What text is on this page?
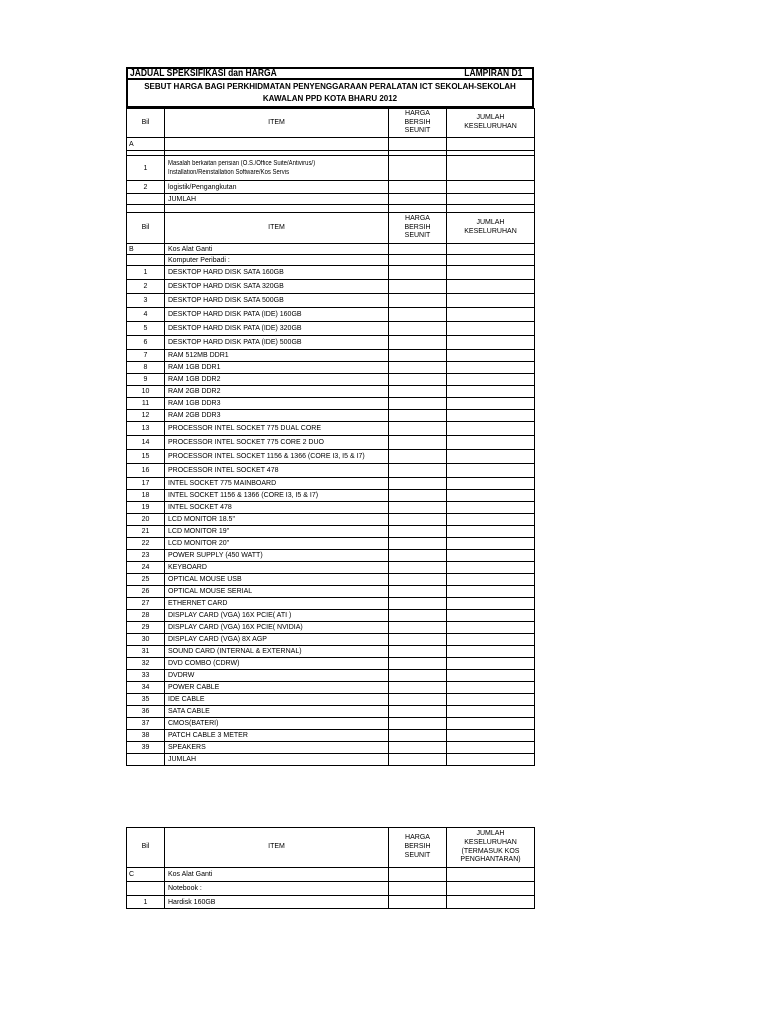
JADUAL SPEKSIFIKASI dan HARGA	LAMPIRAN D1
SEBUT HARGA BAGI PERKHIDMATAN PENYENGGARAAN PERALATAN ICT SEKOLAH-SEKOLAH
KAWALAN PPD KOTA BHARU 2012
Bil	ITEM	HARGA BERSIH SEUNIT	JUMLAH KESELURUHAN
A			

1	Masalah berkaitan perisian (O.S./Office Suite/Antivirus/)
Installation/Reinstallation Software/Kos Servis		
2	logistik/Pengangkutan		
	JUMLAH		

Bil	ITEM	HARGA BERSIH SEUNIT	JUMLAH KESELURUHAN
B	Kos Alat Ganti		
	Komputer Peribadi :		
1	DESKTOP HARD DISK SATA 160GB		
2	DESKTOP HARD DISK SATA 320GB		
3	DESKTOP HARD DISK SATA 500GB		
4	DESKTOP HARD DISK PATA (IDE) 160GB		
5	DESKTOP HARD DISK PATA (IDE) 320GB		
6	DESKTOP HARD DISK PATA (IDE) 500GB		
7	RAM 512MB DDR1		
8	RAM 1GB DDR1		
9	RAM 1GB DDR2		
10	RAM 2GB DDR2		
11	RAM 1GB DDR3		
12	RAM 2GB DDR3		
13	PROCESSOR INTEL SOCKET 775 DUAL CORE		
14	PROCESSOR INTEL SOCKET 775 CORE 2 DUO		
15	PROCESSOR INTEL SOCKET 1156 & 1366 (CORE I3, I5 & I7)		
16	PROCESSOR INTEL SOCKET 478		
17	INTEL SOCKET 775 MAINBOARD		
18	INTEL SOCKET 1156 & 1366 (CORE I3, I5 & I7)		
19	INTEL SOCKET 478		
20	LCD MONITOR 18.5"		
21	LCD MONITOR 19"		
22	LCD MONITOR 20"		
23	POWER SUPPLY (450 WATT)		
24	KEYBOARD		
25	OPTICAL MOUSE USB		
26	OPTICAL MOUSE SERIAL		
27	ETHERNET CARD		
28	DISPLAY CARD (VGA) 16X PCIE( ATI )		
29	DISPLAY CARD (VGA) 16X PCIE( NVIDIA)		
30	DISPLAY CARD (VGA) 8X AGP		
31	SOUND CARD (INTERNAL & EXTERNAL)		
32	DVD COMBO (CDRW)		
33	DVDRW		
34	POWER CABLE		
35	IDE CABLE		
36	SATA CABLE		
37	CMOS(BATERI)		
38	PATCH CABLE 3 METER		
39	SPEAKERS		
	JUMLAH		
Bil	ITEM	HARGA BERSIH SEUNIT	JUMLAH KESELURUHAN (TERMASUK KOS PENGHANTARAN)
C	Kos Alat Ganti		
	Notebook :		
1	Hardisk 160GB		
